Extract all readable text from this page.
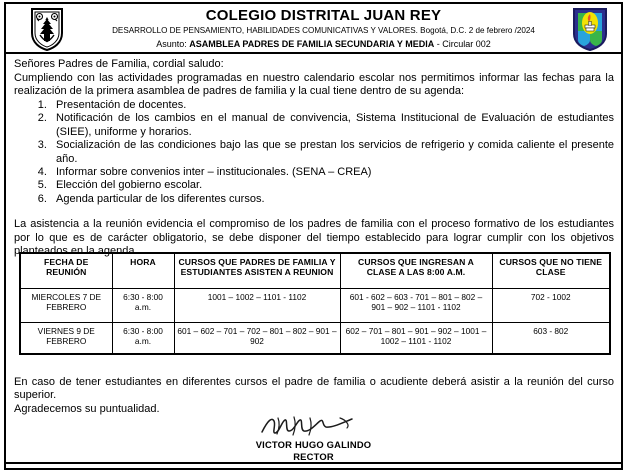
COLEGIO DISTRITAL JUAN REY
DESARROLLO DE PENSAMIENTO, HABILIDADES COMUNICATIVAS Y VALORES. Bogotá, D.C. 2 de febrero /2024
Asunto: ASAMBLEA PADRES DE FAMILIA SECUNDARIA Y MEDIA - Circular 002

Señores Padres de Familia, cordial saludo:

Cumpliendo con las actividades programadas en nuestro calendario escolar nos permitimos informar las fechas para la realización de la primera asamblea de padres de familia y la cual tiene dentro de su agenda:

1. Presentación de docentes.
2. Notificación de los cambios en el manual de convivencia, Sistema Institucional de Evaluación de estudiantes (SIEE), uniforme y horarios.
3. Socialización de las condiciones bajo las que se prestan los servicios de refrigerio y comida caliente el presente año.
4. Informar sobre convenios inter – institucionales. (SENA – CREA)
5. Elección del gobierno escolar.
6. Agenda particular de los diferentes cursos.

La asistencia a la reunión evidencia el compromiso de los padres de familia con el proceso formativo de los estudiantes por lo que es de carácter obligatorio, se debe disponer del tiempo establecido para lograr cumplir con los objetivos planteados en la agenda.

FECHA DE REUNIÓN	HORA	CURSOS QUE PADRES DE FAMILIA Y ESTUDIANTES ASISTEN A REUNION	CURSOS QUE INGRESAN A CLASE A LAS 8:00 A.M.	CURSOS QUE NO TIENE CLASE
MIERCOLES 7 DE FEBRERO	6:30 - 8:00 a.m.	1001 – 1002 – 1101 - 1102	601 - 602 – 603 - 701 – 801 – 802 – 901 – 902 – 1101 - 1102	702 - 1002
VIERNES 9 DE FEBRERO	6:30 - 8:00 a.m.	601 – 602 – 701 – 702 – 801 – 802 – 901 – 902	602 – 701 – 801 – 901 – 902 – 1001 – 1002 – 1101 - 1102	603 - 802

En caso de tener estudiantes en diferentes cursos el padre de familia o acudiente deberá asistir a la reunión del curso superior.

Agradecemos su puntualidad.

VICTOR HUGO GALINDO
RECTOR
